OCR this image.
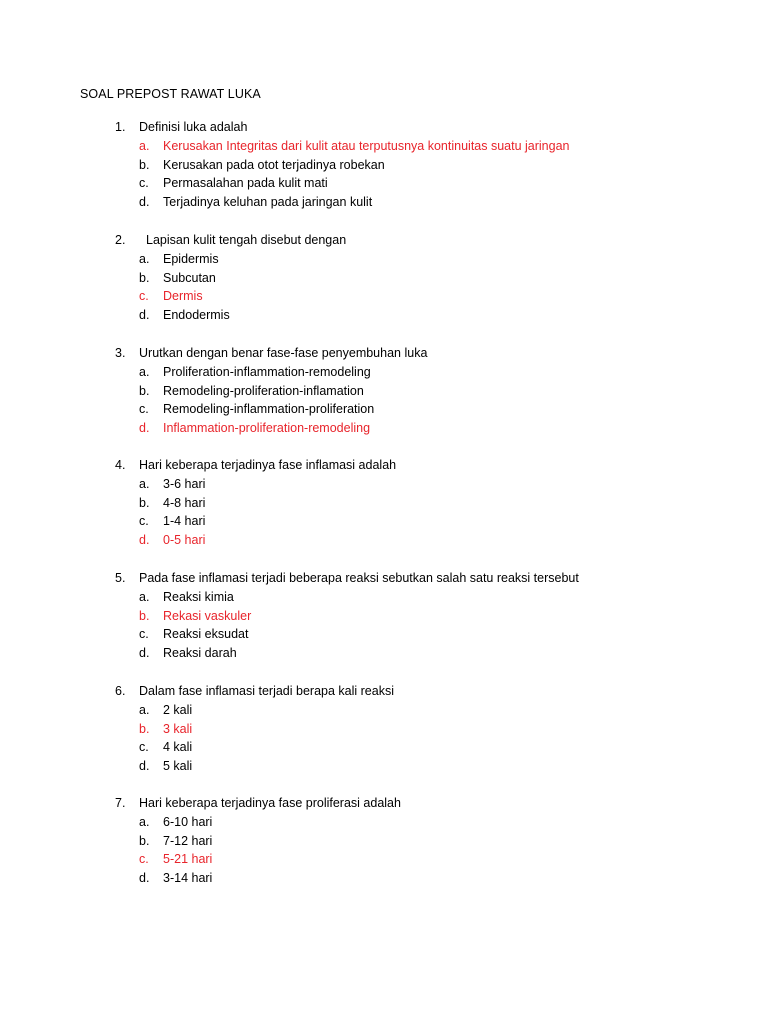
SOAL PREPOST RAWAT LUKA
1. Definisi luka adalah
a. Kerusakan Integritas dari kulit atau terputusnya kontinuitas suatu jaringan
b. Kerusakan pada otot terjadinya robekan
c. Permasalahan pada kulit mati
d. Terjadinya keluhan pada jaringan kulit
2. Lapisan kulit tengah disebut dengan
a. Epidermis
b. Subcutan
c. Dermis
d. Endodermis
3. Urutkan dengan benar fase-fase penyembuhan luka
a. Proliferation-inflammation-remodeling
b. Remodeling-proliferation-inflamation
c. Remodeling-inflammation-proliferation
d. Inflammation-proliferation-remodeling
4. Hari keberapa terjadinya fase inflamasi adalah
a. 3-6 hari
b. 4-8 hari
c. 1-4 hari
d. 0-5 hari
5. Pada fase inflamasi terjadi beberapa reaksi sebutkan salah satu reaksi tersebut
a. Reaksi kimia
b. Rekasi vaskuler
c. Reaksi eksudat
d. Reaksi darah
6. Dalam fase inflamasi terjadi berapa kali reaksi
a. 2 kali
b. 3 kali
c. 4 kali
d. 5 kali
7. Hari keberapa terjadinya fase proliferasi adalah
a. 6-10 hari
b. 7-12 hari
c. 5-21 hari
d. 3-14 hari
